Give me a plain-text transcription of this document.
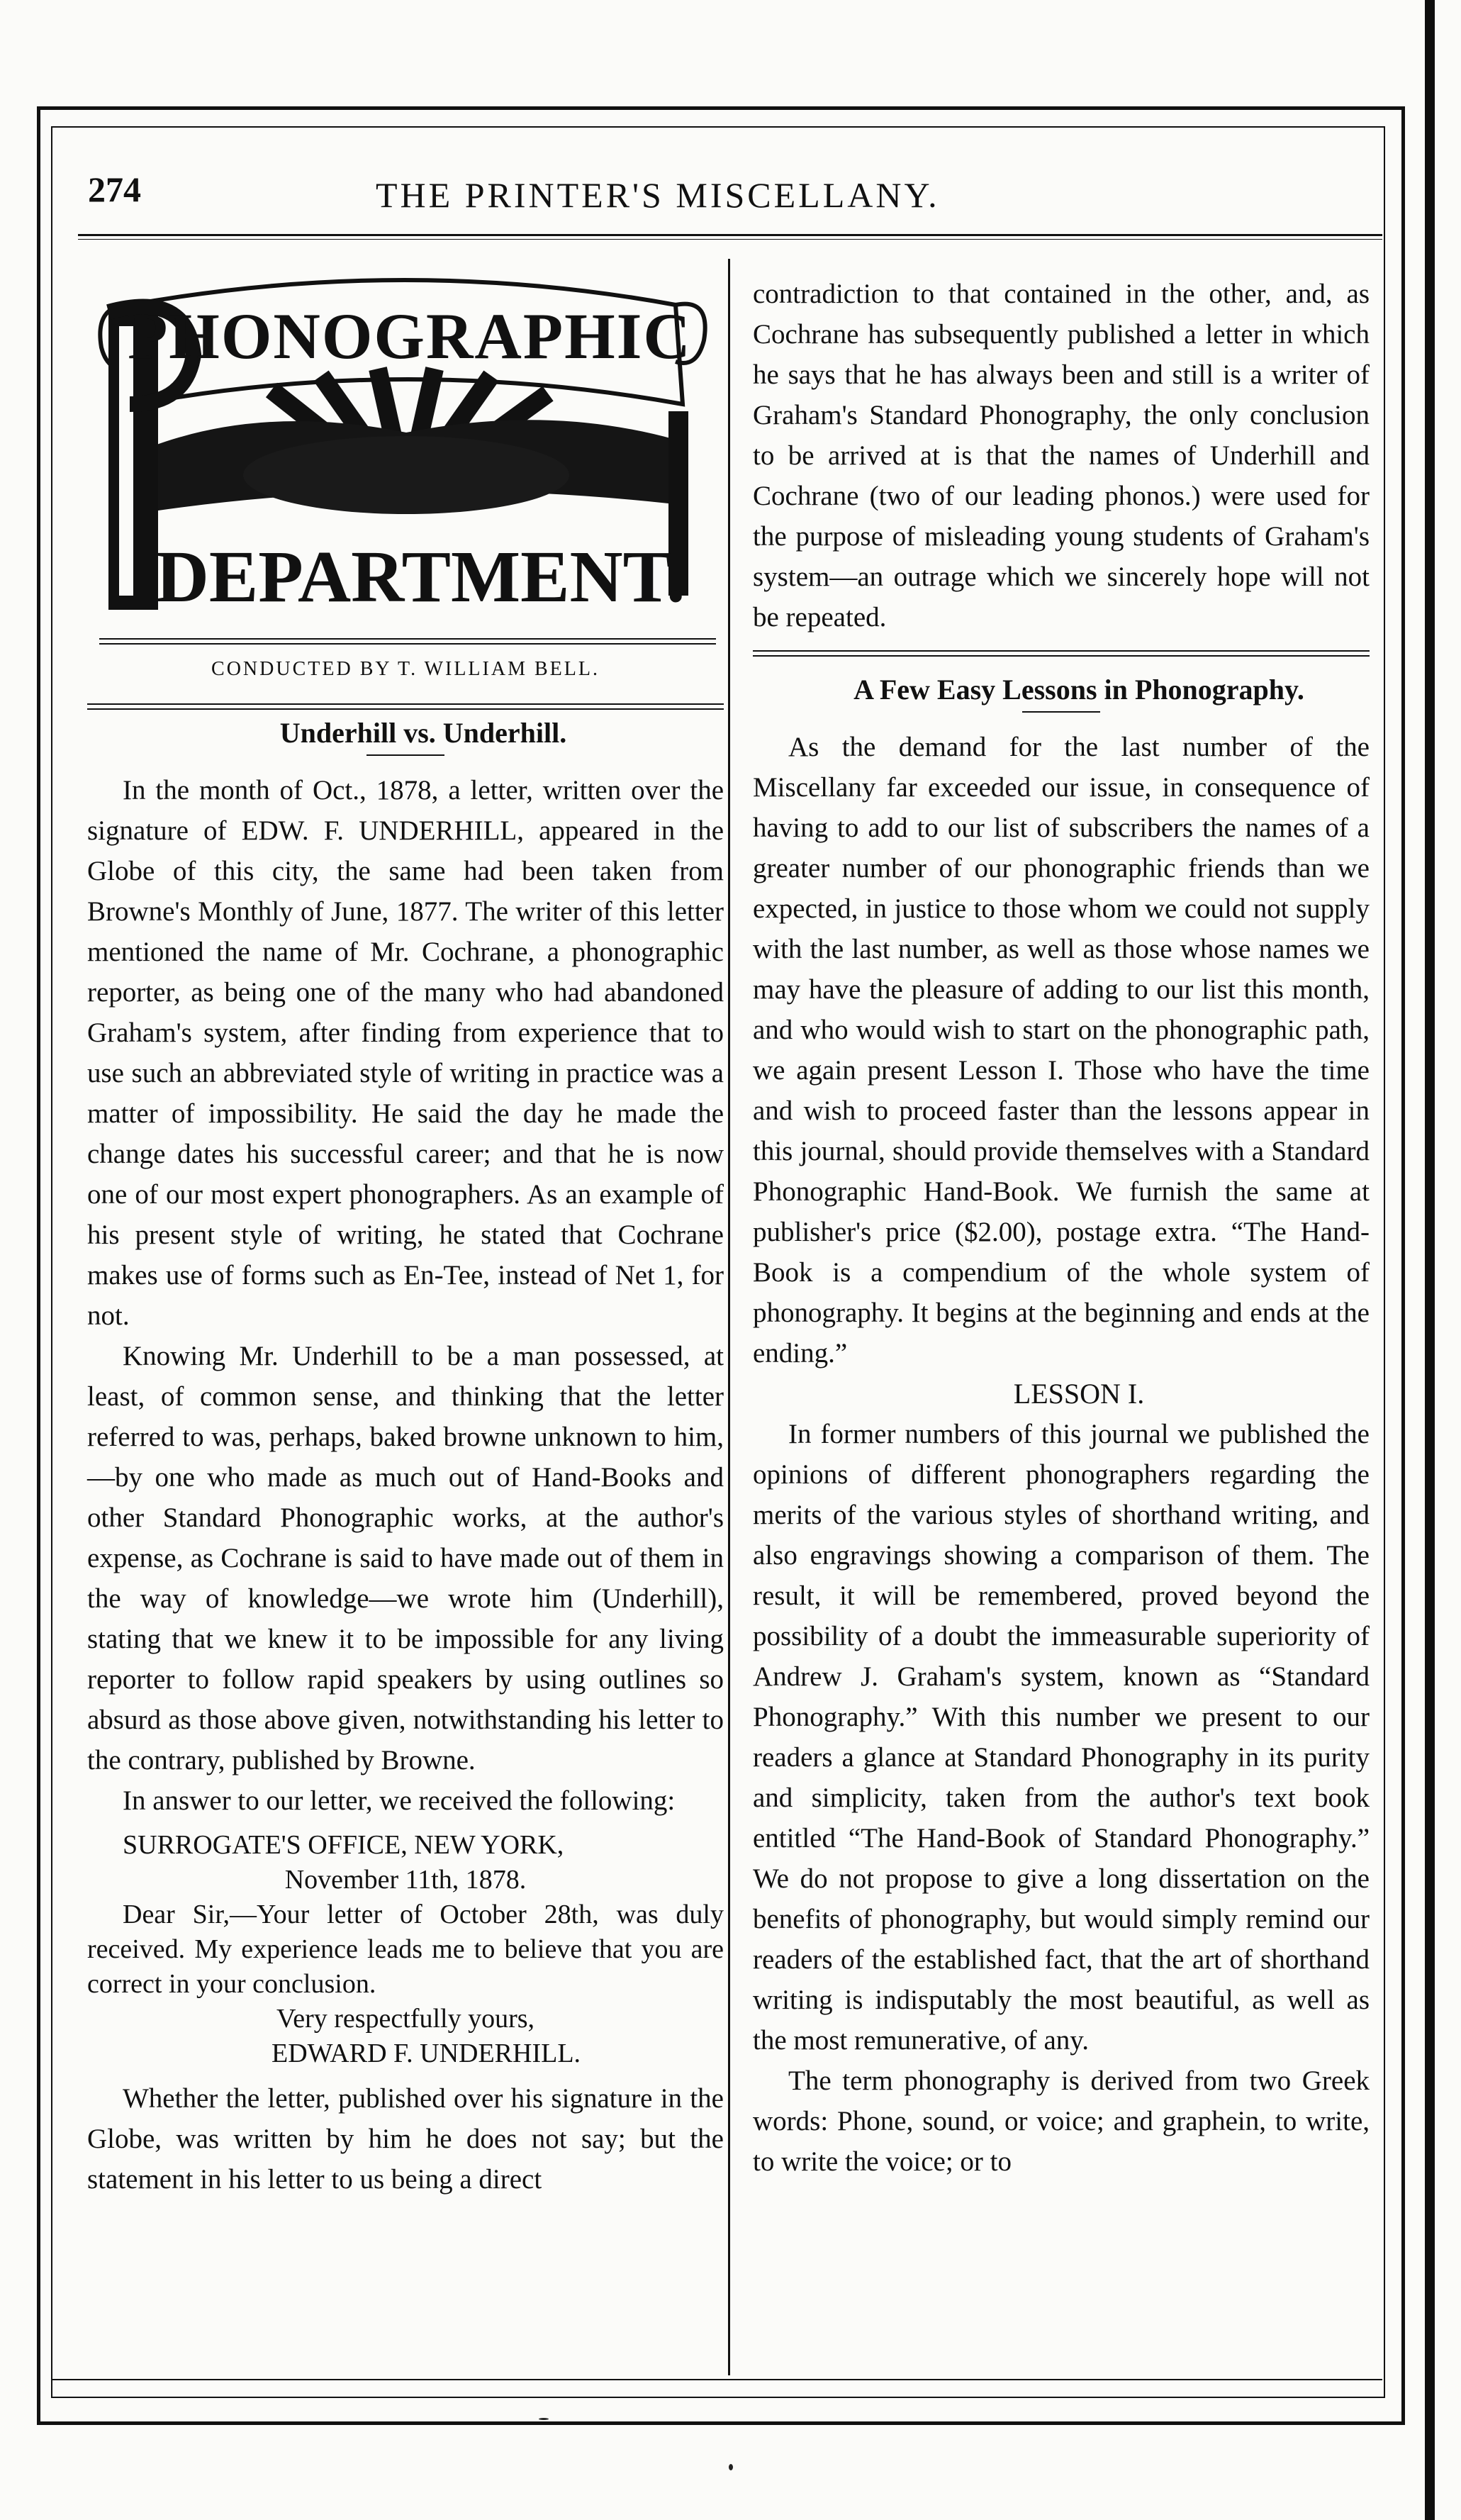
274	THE PRINTER'S MISCELLANY.
PHONOGRAPHIC
DEPARTMENT.
CONDUCTED BY T. WILLIAM BELL.

Underhill vs. Underhill.

In the month of Oct., 1878, a letter, written over the signature of EDW. F. UNDERHILL, appeared in the Globe of this city, the same had been taken from Browne's Monthly of June, 1877. The writer of this letter mentioned the name of Mr. Cochrane, a phonographic reporter, as being one of the many who had abandoned Graham's system, after finding from experience that to use such an abbreviated style of writing in practice was a matter of impossibility. He said the day he made the change dates his successful career; and that he is now one of our most expert phonographers. As an example of his present style of writing, he stated that Cochrane makes use of forms such as En-Tee, instead of Net 1, for not.

Knowing Mr. Underhill to be a man possessed, at least, of common sense, and thinking that the letter referred to was, perhaps, baked browne unknown to him,—by one who made as much out of Hand-Books and other Standard Phonographic works, at the author's expense, as Cochrane is said to have made out of them in the way of knowledge—we wrote him (Underhill), stating that we knew it to be impossible for any living reporter to follow rapid speakers by using outlines so absurd as those above given, notwithstanding his letter to the contrary, published by Browne.

In answer to our letter, we received the following:

SURROGATE'S OFFICE, NEW YORK,
November 11th, 1878.
Dear Sir,—Your letter of October 28th, was duly received. My experience leads me to believe that you are correct in your conclusion.
Very respectfully yours,
EDWARD F. UNDERHILL.

Whether the letter, published over his signature in the Globe, was written by him he does not say; but the statement in his letter to us being a direct

contradiction to that contained in the other, and, as Cochrane has subsequently published a letter in which he says that he has always been and still is a writer of Graham's Standard Phonography, the only conclusion to be arrived at is that the names of Underhill and Cochrane (two of our leading phonos.) were used for the purpose of misleading young students of Graham's system—an outrage which we sincerely hope will not be repeated.

A Few Easy Lessons in Phonography.

As the demand for the last number of the Miscellany far exceeded our issue, in consequence of having to add to our list of subscribers the names of a greater number of our phonographic friends than we expected, in justice to those whom we could not supply with the last number, as well as those whose names we may have the pleasure of adding to our list this month, and who would wish to start on the phonographic path, we again present Lesson I. Those who have the time and wish to proceed faster than the lessons appear in this journal, should provide themselves with a Standard Phonographic Hand-Book. We furnish the same at publisher's price ($2.00), postage extra. “The Hand-Book is a compendium of the whole system of phonography. It begins at the beginning and ends at the ending.”

LESSON I.

In former numbers of this journal we published the opinions of different phonographers regarding the merits of the various styles of shorthand writing, and also engravings showing a comparison of them. The result, it will be remembered, proved beyond the possibility of a doubt the immeasurable superiority of Andrew J. Graham's system, known as “Standard Phonography.” With this number we present to our readers a glance at Standard Phonography in its purity and simplicity, taken from the author's text book entitled “The Hand-Book of Standard Phonography.” We do not propose to give a long dissertation on the benefits of phonography, but would simply remind our readers of the established fact, that the art of shorthand writing is indisputably the most beautiful, as well as the most remunerative, of any.

The term phonography is derived from two Greek words: Phone, sound, or voice; and graphein, to write, to write the voice; or to
